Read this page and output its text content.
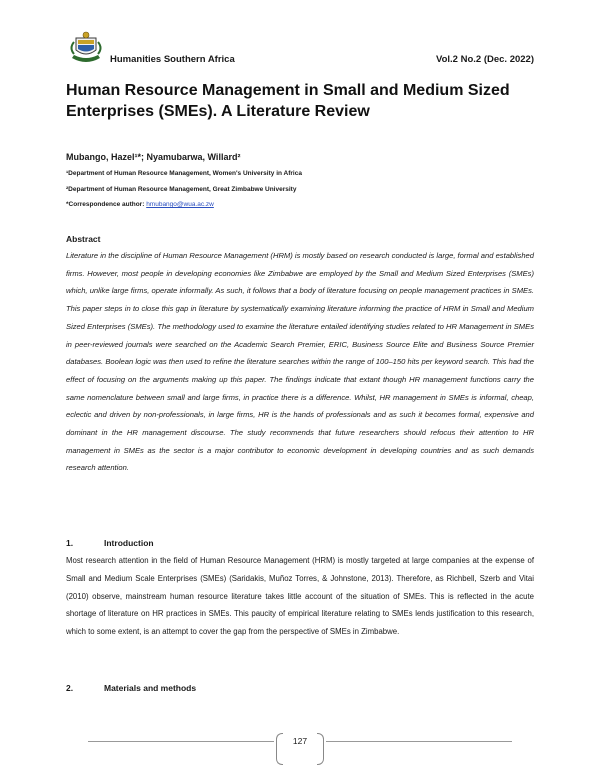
Humanities Southern Africa	Vol.2 No.2 (Dec. 2022)
Human Resource Management in Small and Medium Sized Enterprises (SMEs). A Literature Review
Mubango, Hazel¹*; Nyamubarwa, Willard²
¹Department of Human Resource Management, Women's University in Africa
²Department of Human Resource Management, Great Zimbabwe University
*Correspondence author: hmubango@wua.ac.zw
Abstract

Literature in the discipline of Human Resource Management (HRM) is mostly based on research conducted is large, formal and established firms. However, most people in developing economies like Zimbabwe are employed by the Small and Medium Sized Enterprises (SMEs) which, unlike large firms, operate informally. As such, it follows that a body of literature focusing on people management practices in SMEs. This paper steps in to close this gap in literature by systematically examining literature informing the practice of HRM in Small and Medium Sized Enterprises (SMEs). The methodology used to examine the literature entailed identifying studies related to HR Management in SMEs in peer-reviewed journals were searched on the Academic Search Premier, ERIC, Business Source Elite and Business Source Premier databases. Boolean logic was then used to refine the literature searches within the range of 100–150 hits per keyword search. This had the effect of focusing on the arguments making up this paper. The findings indicate that extant though HR management functions carry the same nomenclature between small and large firms, in practice there is a difference. Whilst, HR management in SMEs is informal, cheap, eclectic and driven by non-professionals, in large firms, HR is the hands of professionals and as such it becomes formal, expensive and dominant in the HR management discourse. The study recommends that future researchers should refocus their attention to HR management in SMEs as the sector is a major contributor to economic development in developing countries and as such demands research attention.

1.	Introduction

Most research attention in the field of Human Resource Management (HRM) is mostly targeted at large companies at the expense of Small and Medium Scale Enterprises (SMEs) (Saridakis, Muñoz Torres, & Johnstone, 2013). Therefore, as Richbell, Szerb and Vitai (2010) observe, mainstream human resource literature takes little account of the situation of SMEs. This is reflected in the acute shortage of literature on HR practices in SMEs. This paucity of empirical literature relating to SMEs lends justification to this research, which to some extent, is an attempt to cover the gap from the perspective of SMEs in Zimbabwe.

2.	Materials and methods
127
